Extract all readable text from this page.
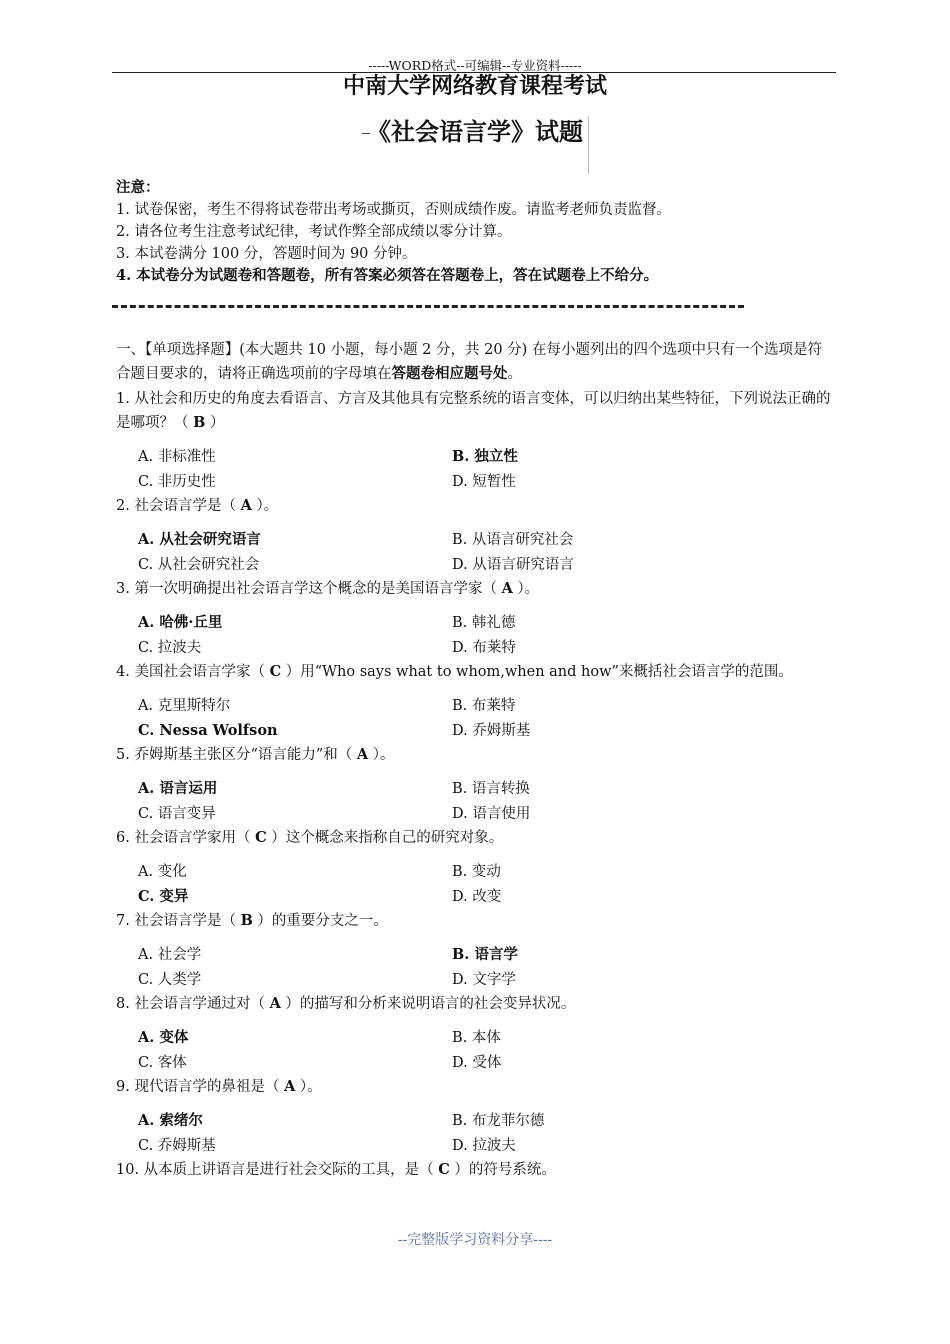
-----WORD格式--可编辑--专业资料-----
中南大学网络教育课程考试
《社会语言学》试题
注意：
1. 试卷保密，考生不得将试卷带出考场或撕页，否则成绩作废。请监考老师负责监督。
2. 请各位考生注意考试纪律，考试作弊全部成绩以零分计算。
3. 本试卷满分 100 分，答题时间为 90 分钟。
4. 本试卷分为试题卷和答题卷，所有答案必须答在答题卷上，答在试题卷上不给分。
一、【单项选择题】(本大题共 10 小题，每小题 2 分，共 20 分) 在每小题列出的四个选项中只有一个选项是符合题目要求的，请将正确选项前的字母填在答题卷相应题号处。

1. 从社会和历史的角度去看语言、方言及其他具有完整系统的语言变体，可以归纳出某些特征，下列说法正确的是哪项？（ B ）

A. 非标准性	B. 独立性
C. 非历史性	D. 短暂性

2. 社会语言学是（ A ）。

A. 从社会研究语言	B. 从语言研究社会
C. 从社会研究社会	D. 从语言研究语言

3. 第一次明确提出社会语言学这个概念的是美国语言学家（ A ）。

A. 哈佛·丘里	B. 韩礼德
C. 拉波夫	D. 布莱特

4. 美国社会语言学家（ C ）用“Who says what to whom,when and how”来概括社会语言学的范围。

A. 克里斯特尔	B. 布莱特
C. Nessa Wolfson	D. 乔姆斯基

5. 乔姆斯基主张区分“语言能力”和（ A ）。

A. 语言运用	B. 语言转换
C. 语言变异	D. 语言使用

6. 社会语言学家用（ C ）这个概念来指称自己的研究对象。

A. 变化	B. 变动
C. 变异	D. 改变

7. 社会语言学是（ B ）的重要分支之一。

A. 社会学	B. 语言学
C. 人类学	D. 文字学

8. 社会语言学通过对（ A ）的描写和分析来说明语言的社会变异状况。

A. 变体	B. 本体
C. 客体	D. 受体

9. 现代语言学的鼻祖是（ A ）。

A. 索绪尔	B. 布龙菲尔德
C. 乔姆斯基	D. 拉波夫

10. 从本质上讲语言是进行社会交际的工具，是（ C ）的符号系统。

--完整版学习资料分享----
